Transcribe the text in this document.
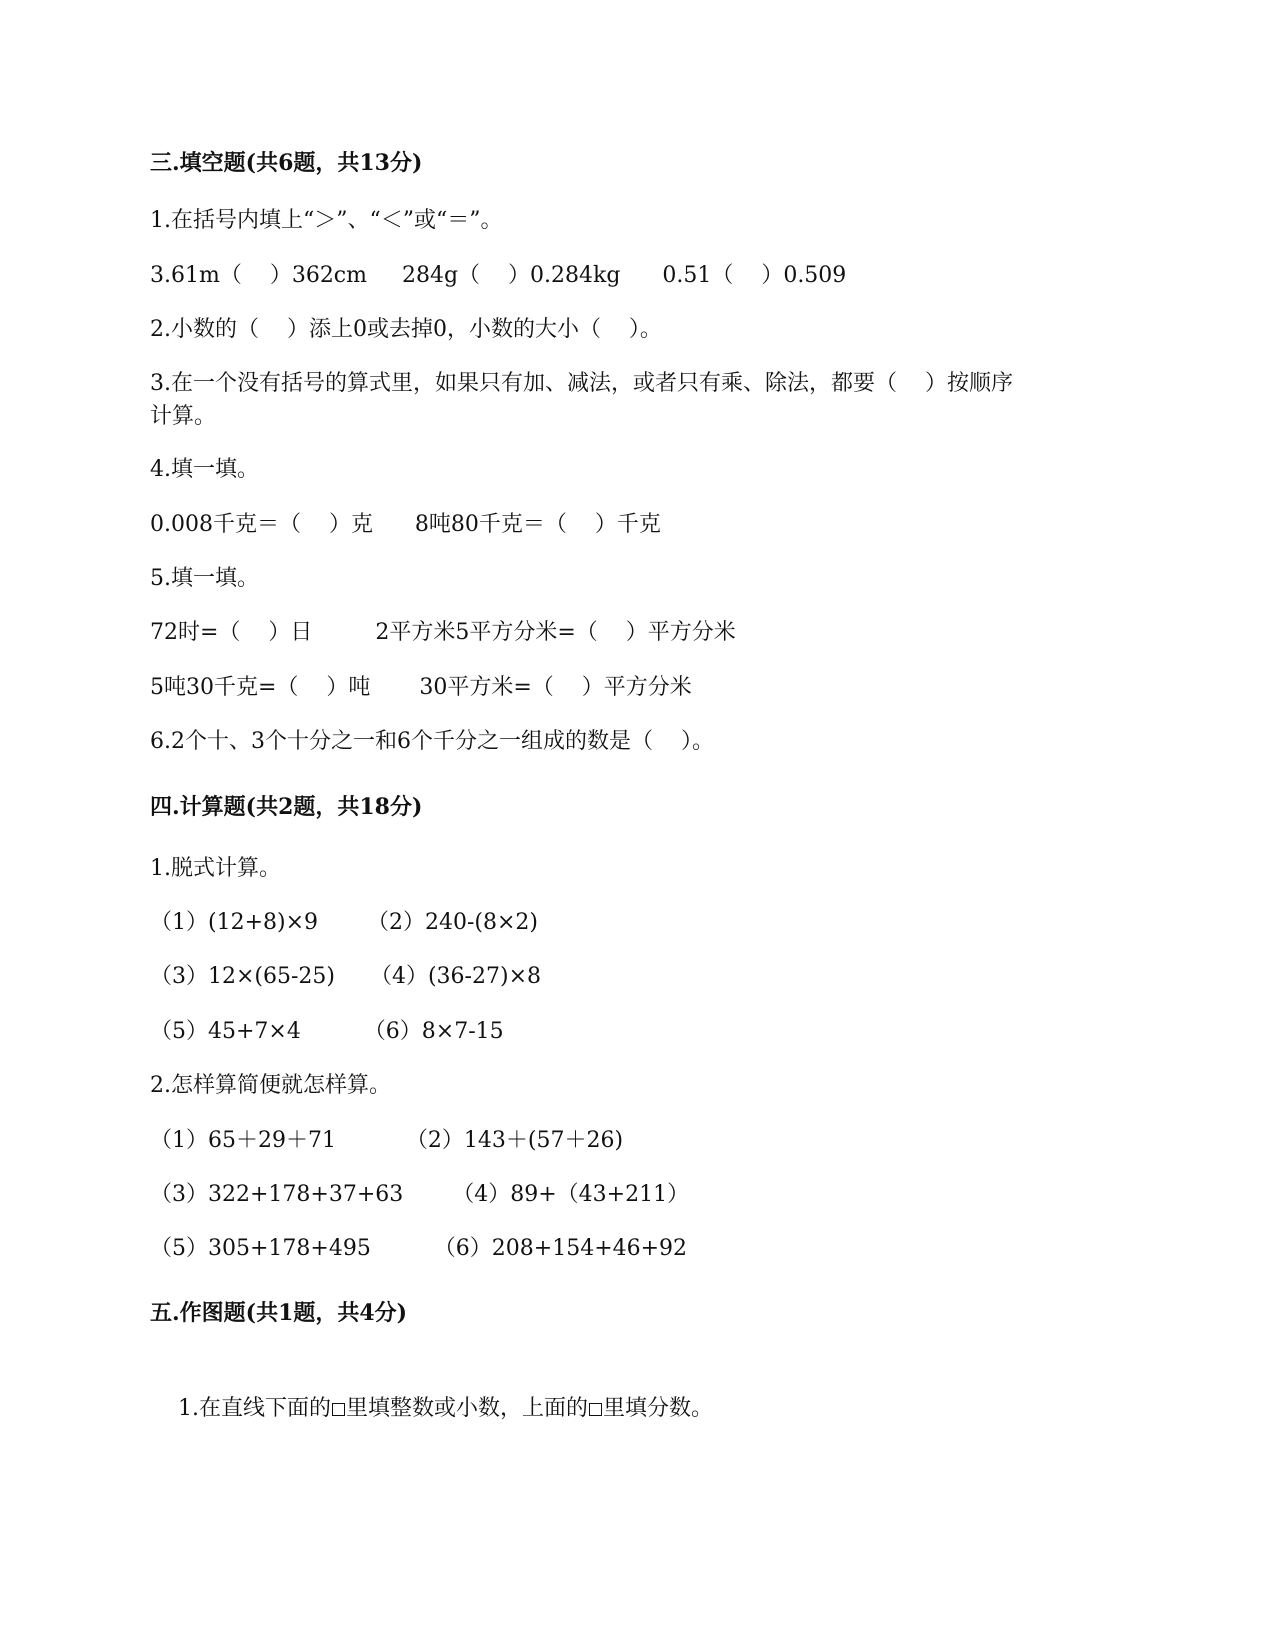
三.填空题(共6题，共13分)
1.在括号内填上“＞”、“＜”或“＝”。
3.61m（    ）362cm     284g（    ）0.284kg      0.51（    ）0.509
2.小数的（    ）添上0或去掉0，小数的大小（    ）。
3.在一个没有括号的算式里，如果只有加、减法，或者只有乘、除法，都要（    ）按顺序
计算。
4.填一填。
0.008千克＝（    ）克      8吨80千克＝（    ）千克
5.填一填。
72时=（    ）日         2平方米5平方分米=（    ）平方分米
5吨30千克=（    ）吨       30平方米=（    ）平方分米
6.2个十、3个十分之一和6个千分之一组成的数是（    ）。
四.计算题(共2题，共18分)
1.脱式计算。
（1）(12+8)×9       （2）240-(8×2)
（3）12×(65-25)     （4）(36-27)×8
（5）45+7×4         （6）8×7-15
2.怎样算简便就怎样算。
（1）65＋29＋71          （2）143＋(57＋26)
（3）322+178+37+63       （4）89+（43+211）
（5）305+178+495         （6）208+154+46+92
五.作图题(共1题，共4分)

1.在直线下面的 里填整数或小数，上面的 里填分数。
